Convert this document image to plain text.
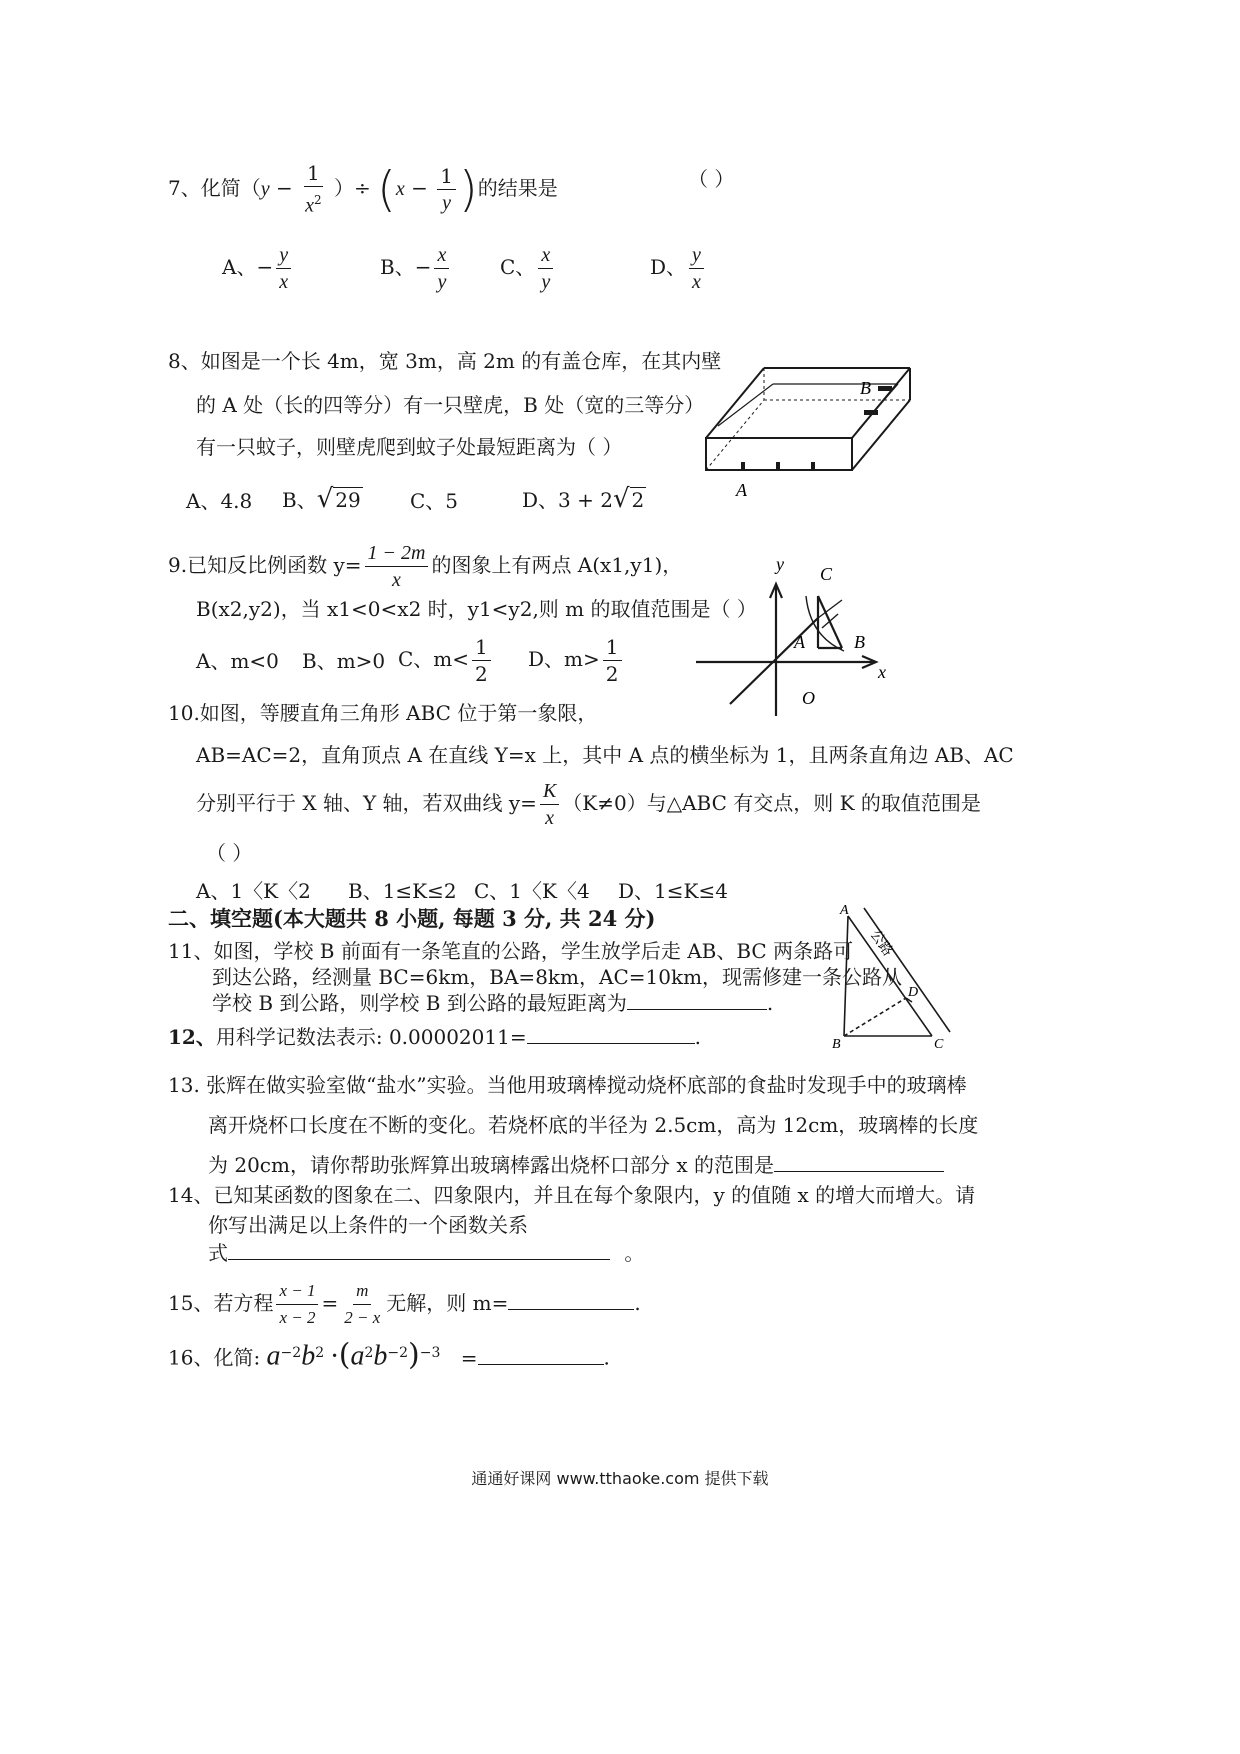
7、化简（$y - \frac{1}{x^2}$ ）÷ ($x - \frac{1}{y}$ )的结果是	（ ）
A、− $\frac{y}{x}$	B、− $\frac{x}{y}$	C、 $\frac{x}{y}$	D、 $\frac{y}{x}$
8、如图是一个长 4m，宽 3m，高 2m 的有盖仓库，在其内壁
的 A 处（长的四等分）有一只壁虎，B 处（宽的三等分）
有一只蚊子，则壁虎爬到蚊子处最短距离为（ ）
A、4.8 B、 √ 29 C、5	D、3 + 2 √ 2	A
B
9.已知反比例函数 $y= \frac{1 - 2m}{x}$ 的图象上有两点 A(x1,y1)，
B(x2,y2)，当 x1<0<x2 时，y1<y2,则 m 的取值范围是（ ）
A、m<0 B、m>0 C、$m< \frac{1}{2}$ D、$m> \frac{1}{2}$
y
x
O
A	B
C
10.如图，等腰直角三角形 ABC 位于第一象限，
AB=AC=2，直角顶点 A 在直线 Y=x 上，其中 A 点的横坐标为 1，且两条直角边 AB、AC
分别平行于 X 轴、Y 轴，若双曲线 $y= \frac{K}{x} (K\ne 0)$与△ABC 有交点，则 K 的取值范围是
（ ）
A、1〈K〈2 B、1≤K≤2 C、1〈K〈4 D、1≤K≤4
二、填空题(本大题共 8 小题, 每题 3 分, 共 24 分)
11、如图，学校 B 前面有一条笔直的公路，学生放学后走 AB、BC 两条路可
到达公路，经测量 BC=6km，BA=8km，AC=10km，现需修建一条公路从
学校 B 到公路，则学校 B 到公路的最短距离为	.
A
B	C
D
公路
12、用科学记数法表示: 0.00002011=	.
13. 张辉在做实验室做“盐水”实验。当他用玻璃棒搅动烧杯底部的食盐时发现手中的玻璃棒
离开烧杯口长度在不断的变化。若烧杯底的半径为 2.5cm，高为 12cm，玻璃棒的长度
为 20cm，请你帮助张辉算出玻璃棒露出烧杯口部分 x 的范围是
14、已知某函数的图象在二、四象限内，并且在每个象限内，y 的值随 x 的增大而增大。请
你写出满足以上条件的一个函数关系
式	。
15、若方程 $\frac{x - 1}{x - 2} = \frac{m}{2 - x}$ 无解，则 m=	.
16、化简: $a^{-2}b^2 \cdot(a^2b^{-2})^{-3}$ =	.
通通好课网 www.tthaoke.com 提供下载
